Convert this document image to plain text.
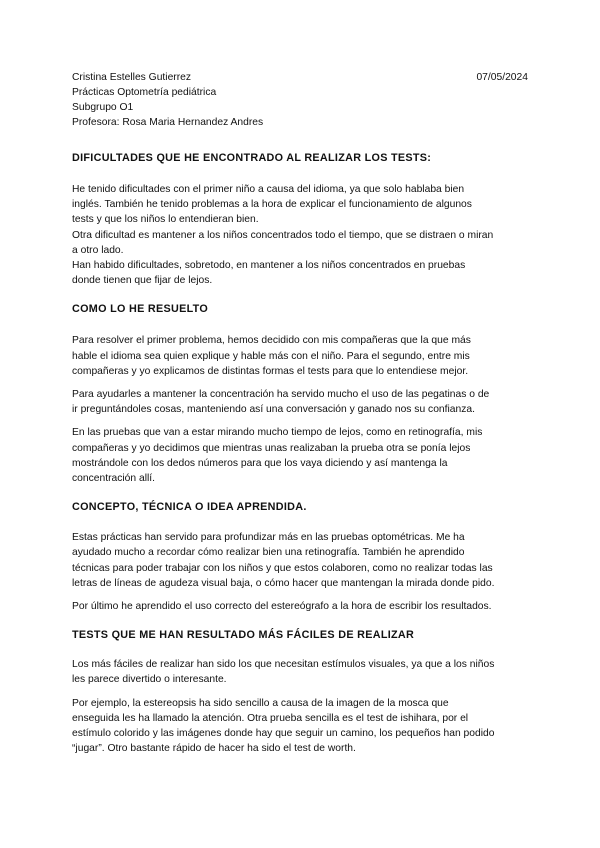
Cristina Estelles Gutierrez	07/05/2024
Prácticas Optometría pediátrica
Subgrupo O1
Profesora: Rosa Maria Hernandez Andres
DIFICULTADES QUE HE ENCONTRADO AL REALIZAR LOS TESTS:
He tenido dificultades con el primer niño a causa del idioma, ya que solo hablaba bien
inglés. También he tenido problemas a la hora de explicar el funcionamiento de algunos
tests y que los niños lo entendieran bien.
Otra dificultad es mantener a los niños concentrados todo el tiempo, que se distraen o miran
a otro lado.
Han habido dificultades, sobretodo, en mantener a los niños concentrados en pruebas
donde tienen que fijar de lejos.
COMO LO HE RESUELTO
Para resolver el primer problema, hemos decidido con mis compañeras que la que más
hable el idioma sea quien explique y hable más con el niño. Para el segundo, entre mis
compañeras y yo explicamos de distintas formas el tests para que lo entendiese mejor.
Para ayudarles a mantener la concentración ha servido mucho el uso de las pegatinas o de
ir preguntándoles cosas, manteniendo así una conversación y ganado nos su confianza.
En las pruebas que van a estar mirando mucho tiempo de lejos, como en retinografía, mis
compañeras y yo decidimos que mientras unas realizaban la prueba otra se ponía lejos
mostrándole con los dedos números para que los vaya diciendo y así mantenga la
concentración allí.
CONCEPTO, TÉCNICA O IDEA APRENDIDA.
Estas prácticas han servido para profundizar más en las pruebas optométricas. Me ha
ayudado mucho a recordar cómo realizar bien una retinografía. También he aprendido
técnicas para poder trabajar con los niños y que estos colaboren, como no realizar todas las
letras de líneas de agudeza visual baja, o cómo hacer que mantengan la mirada donde pido.
Por último he aprendido el uso correcto del estereógrafo a la hora de escribir los resultados.
TESTS QUE ME HAN RESULTADO MÁS FÁCILES DE REALIZAR
Los más fáciles de realizar han sido los que necesitan estímulos visuales, ya que a los niños
les parece divertido o interesante.
Por ejemplo, la estereopsis ha sido sencillo a causa de la imagen de la mosca que
enseguida les ha llamado la atención. Otra prueba sencilla es el test de ishihara, por el
estímulo colorido y las imágenes donde hay que seguir un camino, los pequeños han podido
“jugar”. Otro bastante rápido de hacer ha sido el test de worth.
